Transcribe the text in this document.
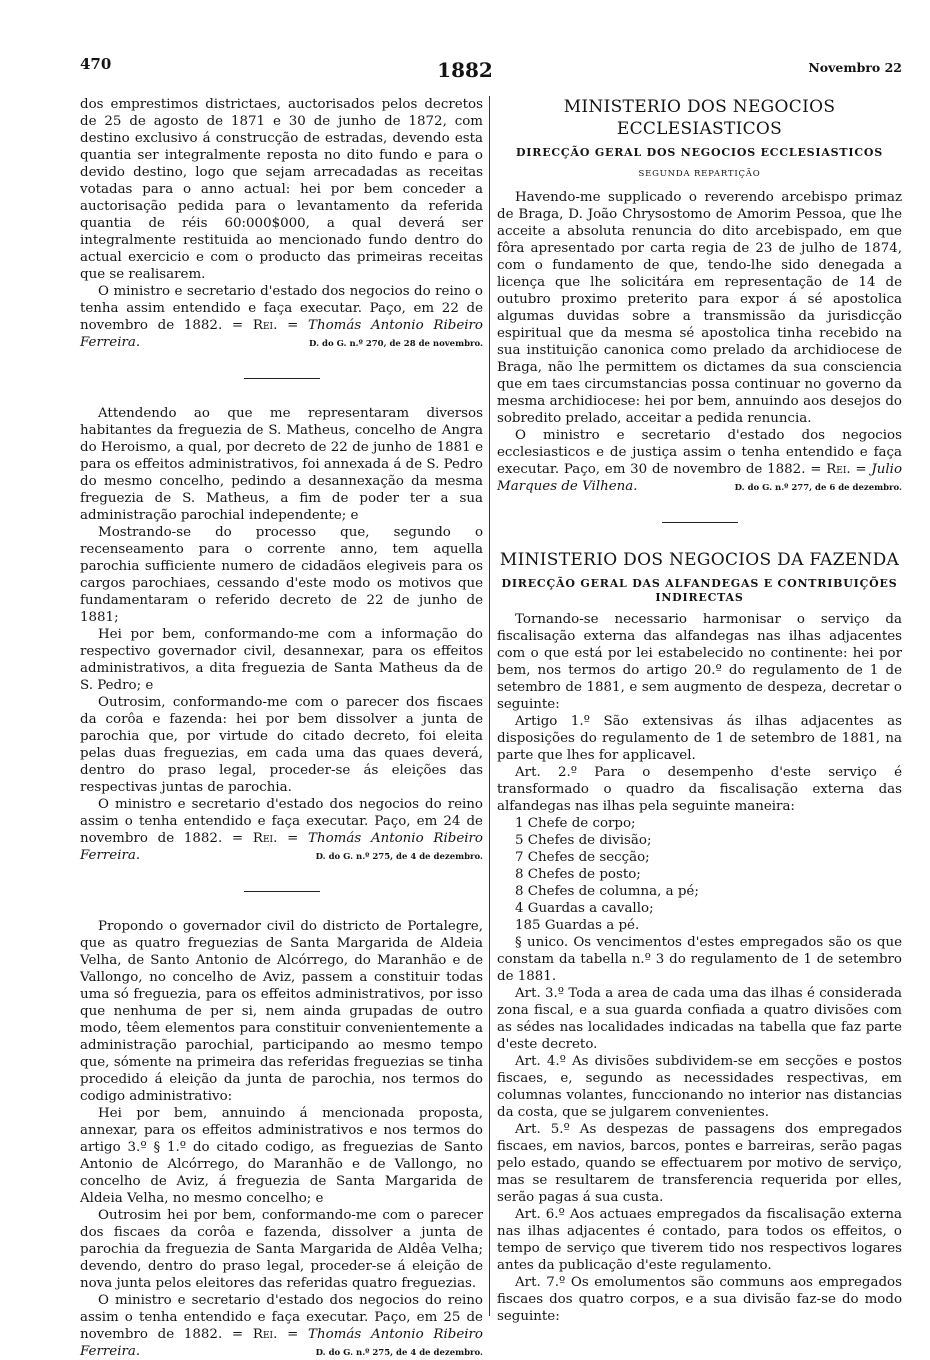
470	1882	Novembro 22

dos emprestimos districtaes, auctorisados pelos decretos de 25 de agosto de 1871 e 30 de junho de 1872, com destino exclusivo á construcção de estradas, devendo esta quantia ser integralmente reposta no dito fundo e para o devido destino, logo que sejam arrecadadas as receitas votadas para o anno actual: hei por bem conceder a auctorisação pedida para o levantamento da referida quantia de réis 60:000$000, a qual deverá ser integralmente restituida ao mencionado fundo dentro do actual exercicio e com o producto das primeiras receitas que se realisarem.

O ministro e secretario d'estado dos negocios do reino o tenha assim entendido e faça executar. Paço, em 22 de novembro de 1882. = Rei. = Thomás Antonio Ribeiro Ferreira.	D. do G. n.º 270, de 28 de novembro.

Attendendo ao que me representaram diversos habitantes da freguezia de S. Matheus, concelho de Angra do Heroismo, a qual, por decreto de 22 de junho de 1881 e para os effeitos administrativos, foi annexada á de S. Pedro do mesmo concelho, pedindo a desannexação da mesma freguezia de S. Matheus, a fim de poder ter a sua administração parochial independente; e

Mostrando-se do processo que, segundo o recenseamento para o corrente anno, tem aquella parochia sufficiente numero de cidadãos elegiveis para os cargos parochiaes, cessando d'este modo os motivos que fundamentaram o referido decreto de 22 de junho de 1881;

Hei por bem, conformando-me com a informação do respectivo governador civil, desannexar, para os effeitos administrativos, a dita freguezia de Santa Matheus da de S. Pedro; e

Outrosim, conformando-me com o parecer dos fiscaes da corôa e fazenda: hei por bem dissolver a junta de parochia que, por virtude do citado decreto, foi eleita pelas duas freguezias, em cada uma das quaes deverá, dentro do praso legal, proceder-se ás eleições das respectivas juntas de parochia.

O ministro e secretario d'estado dos negocios do reino assim o tenha entendido e faça executar. Paço, em 24 de novembro de 1882. = Rei. = Thomás Antonio Ribeiro Ferreira.	D. do G. n.º 275, de 4 de dezembro.

Propondo o governador civil do districto de Portalegre, que as quatro freguezias de Santa Margarida de Aldeia Velha, de Santo Antonio de Alcórrego, do Maranhão e de Vallongo, no concelho de Aviz, passem a constituir todas uma só freguezia, para os effeitos administrativos, por isso que nenhuma de per si, nem ainda grupadas de outro modo, têem elementos para constituir convenientemente a administração parochial, participando ao mesmo tempo que, sómente na primeira das referidas freguezias se tinha procedido á eleição da junta de parochia, nos termos do codigo administrativo:

Hei por bem, annuindo á mencionada proposta, annexar, para os effeitos administrativos e nos termos do artigo 3.º § 1.º do citado codigo, as freguezias de Santo Antonio de Alcórrego, do Maranhão e de Vallongo, no concelho de Aviz, á freguezia de Santa Margarida de Aldeia Velha, no mesmo concelho; e

Outrosim hei por bem, conformando-me com o parecer dos fiscaes da corôa e fazenda, dissolver a junta de parochia da freguezia de Santa Margarida de Aldêa Velha; devendo, dentro do praso legal, proceder-se á eleição de nova junta pelos eleitores das referidas quatro freguezias.

O ministro e secretario d'estado dos negocios do reino assim o tenha entendido e faça executar. Paço, em 25 de novembro de 1882. = Rei. = Thomás Antonio Ribeiro Ferreira.	D. do G. n.º 275, de 4 de dezembro.
MINISTERIO DOS NEGOCIOS ECCLESIASTICOS
DIRECÇÃO GERAL DOS NEGOCIOS ECCLESIASTICOS
SEGUNDA REPARTIÇÃO

Havendo-me supplicado o reverendo arcebispo primaz de Braga, D. João Chrysostomo de Amorim Pessoa, que lhe acceite a absoluta renuncia do dito arcebispado, em que fôra apresentado por carta regia de 23 de julho de 1874, com o fundamento de que, tendo-lhe sido denegada a licença que lhe solicitára em representação de 14 de outubro proximo preterito para expor á sé apostolica algumas duvidas sobre a transmissão da jurisdicção espiritual que da mesma sé apostolica tinha recebido na sua instituição canonica como prelado da archidiocese de Braga, não lhe permittem os dictames da sua consciencia que em taes circumstancias possa continuar no governo da mesma archidiocese: hei por bem, annuindo aos desejos do sobredito prelado, acceitar a pedida renuncia.

O ministro e secretario d'estado dos negocios ecclesiasticos e de justiça assim o tenha entendido e faça executar. Paço, em 30 de novembro de 1882. = Rei. = Julio Marques de Vilhena.	D. do G. n.º 277, de 6 de dezembro.
MINISTERIO DOS NEGOCIOS DA FAZENDA
DIRECÇÃO GERAL DAS ALFANDEGAS E CONTRIBUIÇÕES INDIRECTAS

Tornando-se necessario harmonisar o serviço da fiscalisação externa das alfandegas nas ilhas adjacentes com o que está por lei estabelecido no continente: hei por bem, nos termos do artigo 20.º do regulamento de 1 de setembro de 1881, e sem augmento de despeza, decretar o seguinte:

Artigo 1.º São extensivas ás ilhas adjacentes as disposições do regulamento de 1 de setembro de 1881, na parte que lhes for applicavel.

Art. 2.º Para o desempenho d'este serviço é transformado o quadro da fiscalisação externa das alfandegas nas ilhas pela seguinte maneira:

1 Chefe de corpo;

5 Chefes de divisão;

7 Chefes de secção;

8 Chefes de posto;

8 Chefes de columna, a pé;

4 Guardas a cavallo;

185 Guardas a pé.

§ unico. Os vencimentos d'estes empregados são os que constam da tabella n.º 3 do regulamento de 1 de setembro de 1881.

Art. 3.º Toda a area de cada uma das ilhas é considerada zona fiscal, e a sua guarda confiada a quatro divisões com as sédes nas localidades indicadas na tabella que faz parte d'este decreto.

Art. 4.º As divisões subdividem-se em secções e postos fiscaes, e, segundo as necessidades respectivas, em columnas volantes, funccionando no interior nas distancias da costa, que se julgarem convenientes.

Art. 5.º As despezas de passagens dos empregados fiscaes, em navios, barcos, pontes e barreiras, serão pagas pelo estado, quando se effectuarem por motivo de serviço, mas se resultarem de transferencia requerida por elles, serão pagas á sua custa.

Art. 6.º Aos actuaes empregados da fiscalisação externa nas ilhas adjacentes é contado, para todos os effeitos, o tempo de serviço que tiverem tido nos respectivos logares antes da publicação d'este regulamento.

Art. 7.º Os emolumentos são communs aos empregados fiscaes dos quatro corpos, e a sua divisão faz-se do modo seguinte:
